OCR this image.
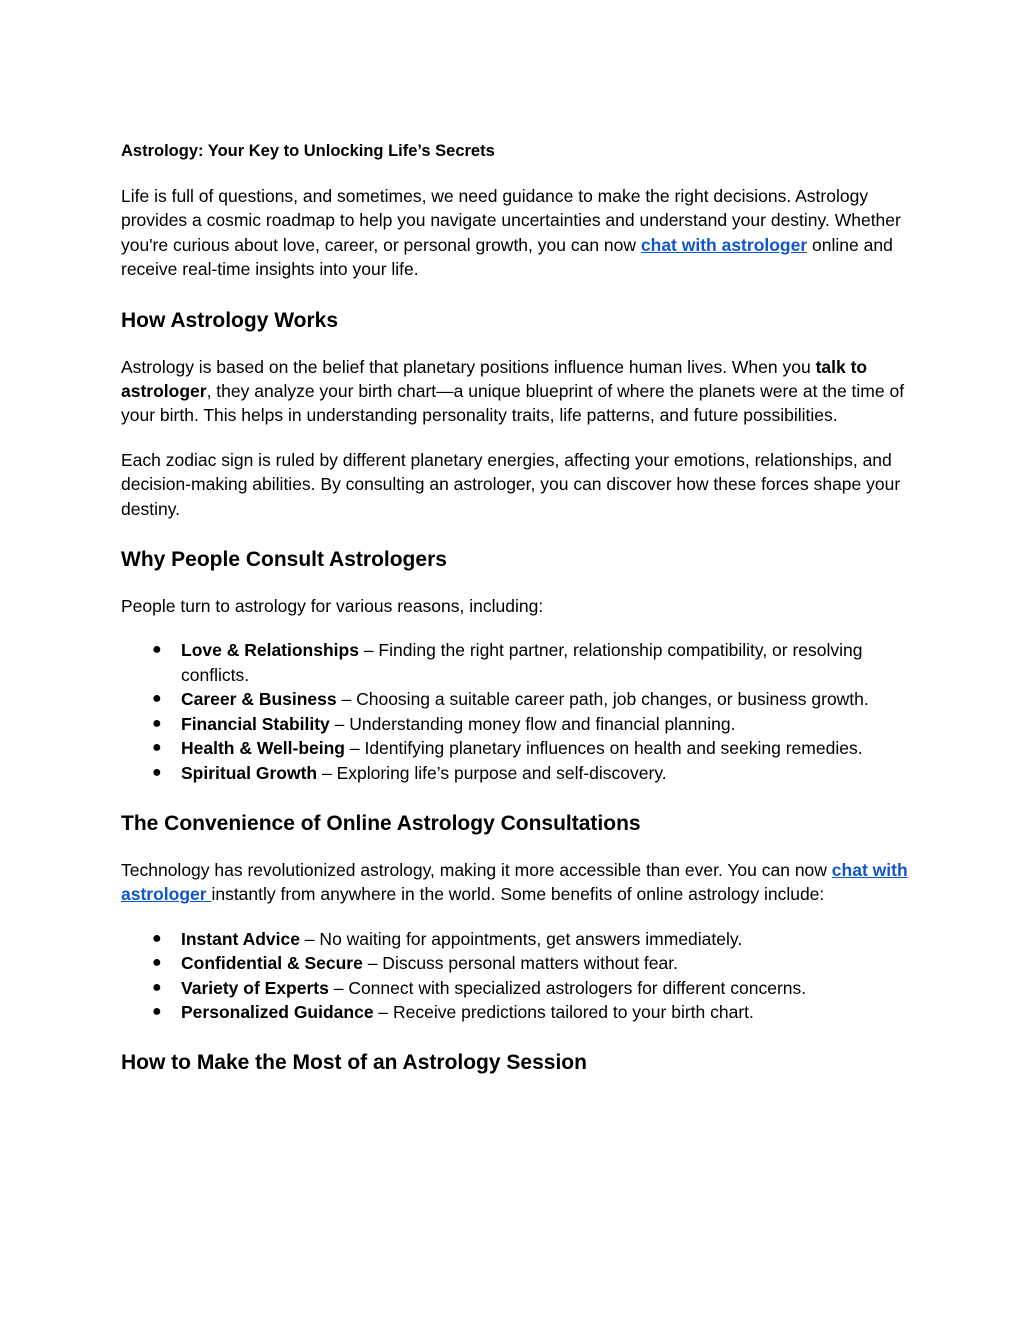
Astrology: Your Key to Unlocking Life’s Secrets

Life is full of questions, and sometimes, we need guidance to make the right decisions. Astrology provides a cosmic roadmap to help you navigate uncertainties and understand your destiny. Whether you're curious about love, career, or personal growth, you can now chat with astrologer online and receive real-time insights into your life.

How Astrology Works

Astrology is based on the belief that planetary positions influence human lives. When you talk to astrologer, they analyze your birth chart—a unique blueprint of where the planets were at the time of your birth. This helps in understanding personality traits, life patterns, and future possibilities.

Each zodiac sign is ruled by different planetary energies, affecting your emotions, relationships, and decision-making abilities. By consulting an astrologer, you can discover how these forces shape your destiny.

Why People Consult Astrologers

People turn to astrology for various reasons, including:

● Love & Relationships – Finding the right partner, relationship compatibility, or resolving conflicts.
● Career & Business – Choosing a suitable career path, job changes, or business growth.
● Financial Stability – Understanding money flow and financial planning.
● Health & Well-being – Identifying planetary influences on health and seeking remedies.
● Spiritual Growth – Exploring life’s purpose and self-discovery.
The Convenience of Online Astrology Consultations

Technology has revolutionized astrology, making it more accessible than ever. You can now chat with astrologer instantly from anywhere in the world. Some benefits of online astrology include:

● Instant Advice – No waiting for appointments, get answers immediately.
● Confidential & Secure – Discuss personal matters without fear.
● Variety of Experts – Connect with specialized astrologers for different concerns.
● Personalized Guidance – Receive predictions tailored to your birth chart.
How to Make the Most of an Astrology Session
